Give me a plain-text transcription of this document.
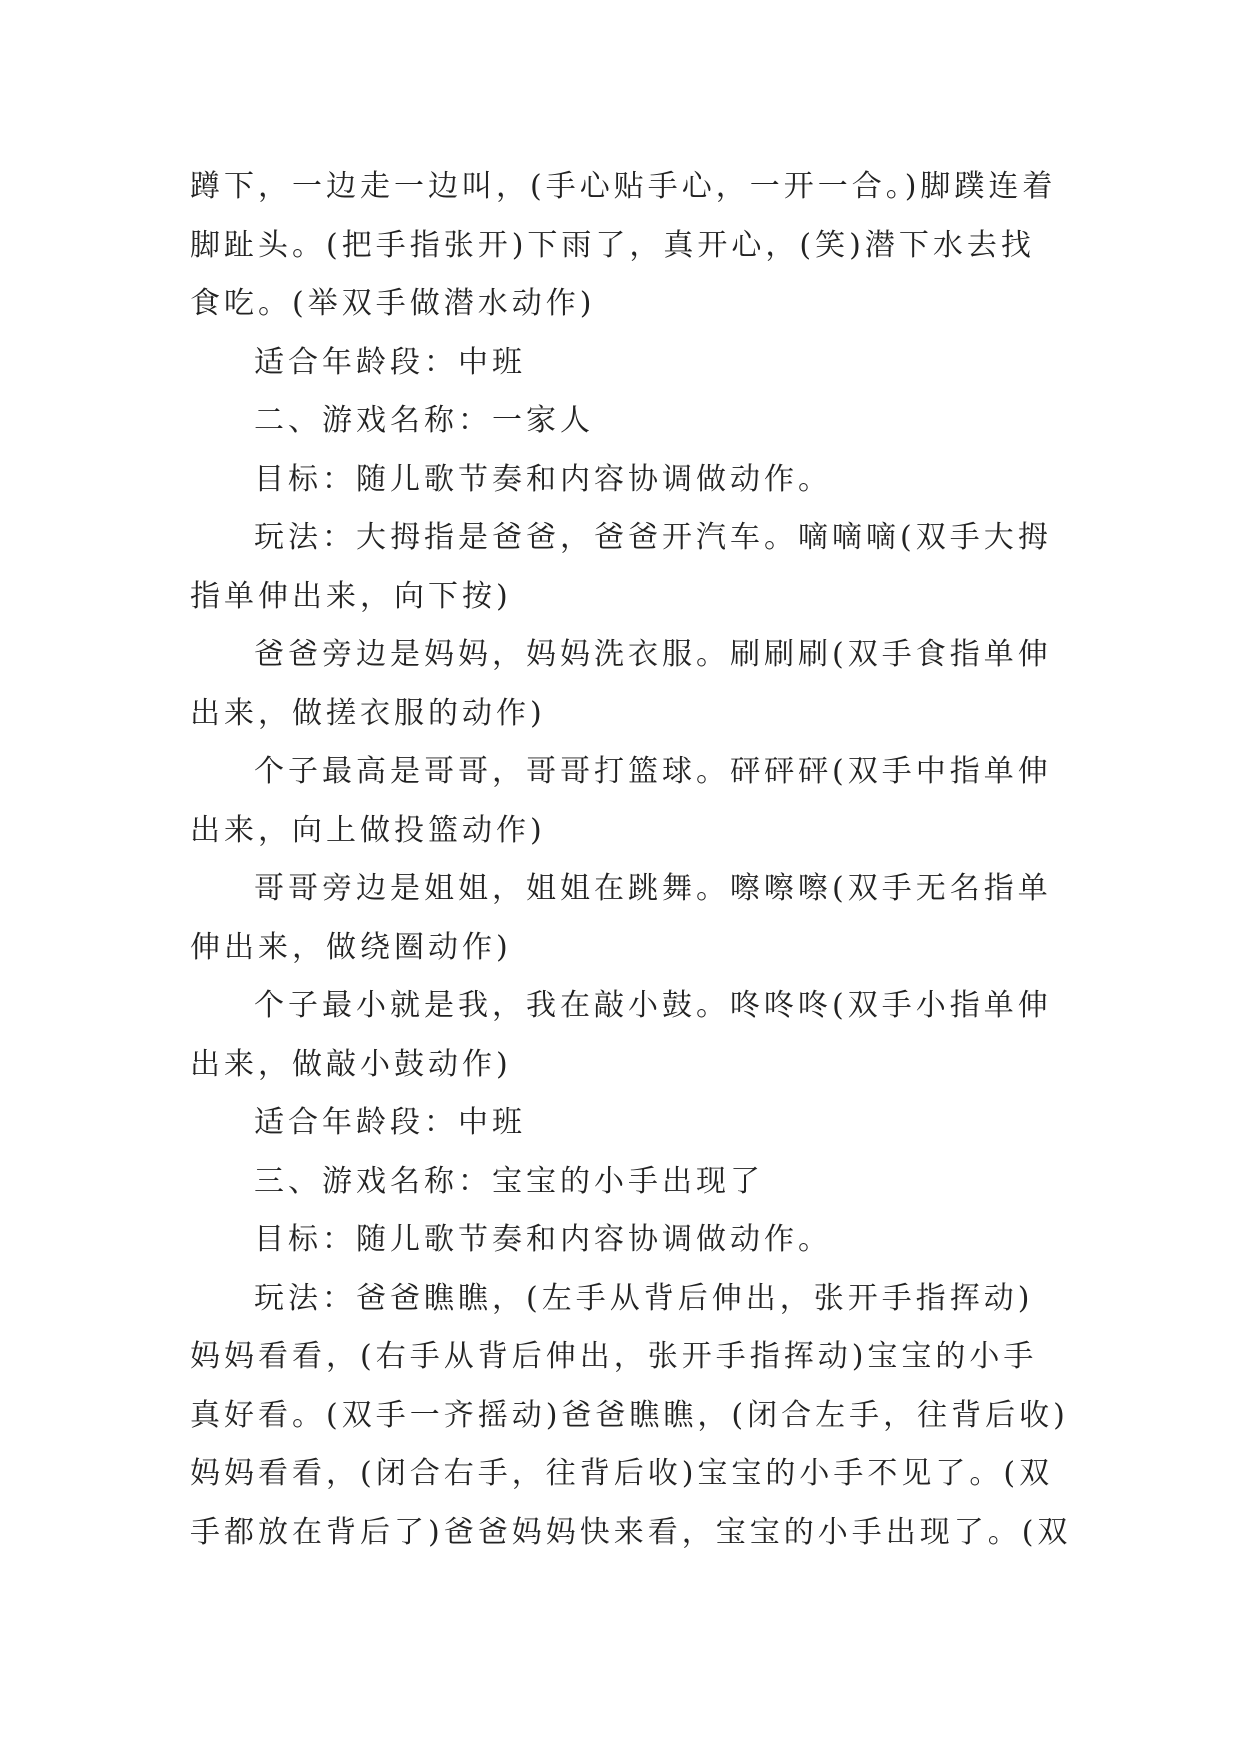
蹲下，一边走一边叫，(手心贴手心，一开一合。)脚蹼连着
脚趾头。(把手指张开)下雨了，真开心，(笑)潜下水去找
食吃。(举双手做潜水动作)
适合年龄段：中班
二、游戏名称：一家人
目标：随儿歌节奏和内容协调做动作。
玩法：大拇指是爸爸，爸爸开汽车。嘀嘀嘀(双手大拇
指单伸出来，向下按)
爸爸旁边是妈妈，妈妈洗衣服。刷刷刷(双手食指单伸
出来，做搓衣服的动作)
个子最高是哥哥，哥哥打篮球。砰砰砰(双手中指单伸
出来，向上做投篮动作)
哥哥旁边是姐姐，姐姐在跳舞。嚓嚓嚓(双手无名指单
伸出来，做绕圈动作)
个子最小就是我，我在敲小鼓。咚咚咚(双手小指单伸
出来，做敲小鼓动作)
适合年龄段：中班
三、游戏名称：宝宝的小手出现了
目标：随儿歌节奏和内容协调做动作。
玩法：爸爸瞧瞧，(左手从背后伸出，张开手指挥动)
妈妈看看，(右手从背后伸出，张开手指挥动)宝宝的小手
真好看。(双手一齐摇动)爸爸瞧瞧，(闭合左手，往背后收)
妈妈看看，(闭合右手，往背后收)宝宝的小手不见了。(双
手都放在背后了)爸爸妈妈快来看，宝宝的小手出现了。(双
